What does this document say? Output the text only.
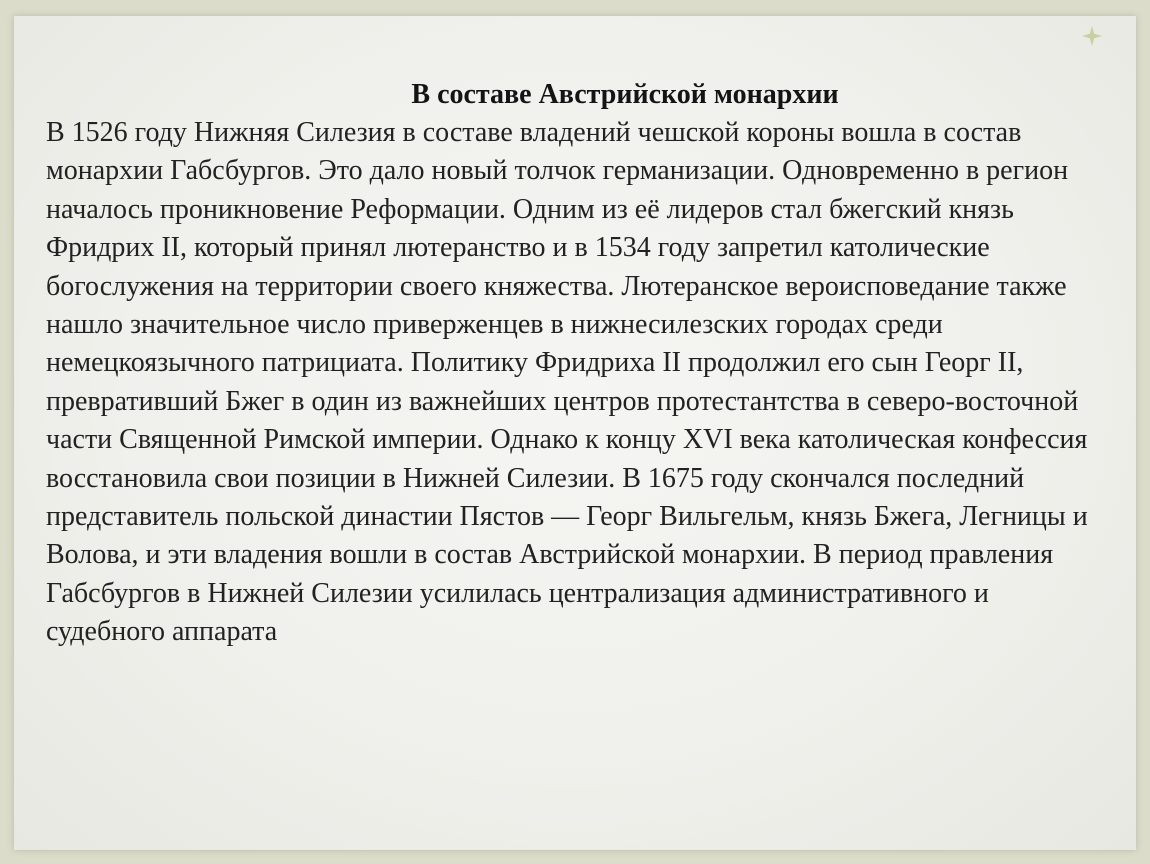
В составе Австрийской монархии

В 1526 году Нижняя Силезия в составе владений чешской короны вошла в состав монархии Габсбургов. Это дало новый толчок германизации. Одновременно в регион началось проникновение Реформации. Одним из её лидеров стал бжегский князь Фридрих II, который принял лютеранство и в 1534 году запретил католические богослужения на территории своего княжества. Лютеранское вероисповедание также нашло значительное число приверженцев в нижнесилезских городах среди немецкоязычного патрициата. Политику Фридриха II продолжил его сын Георг II, превративший Бжег в один из важнейших центров протестантства в северо-восточной части Священной Римской империи. Однако к концу XVI века католическая конфессия восстановила свои позиции в Нижней Силезии. В 1675 году скончался последний представитель польской династии Пястов — Георг Вильгельм, князь Бжега, Легницы и Волова, и эти владения вошли в состав Австрийской монархии. В период правления Габсбургов в Нижней Силезии усилилась централизация административного и судебного аппарата
